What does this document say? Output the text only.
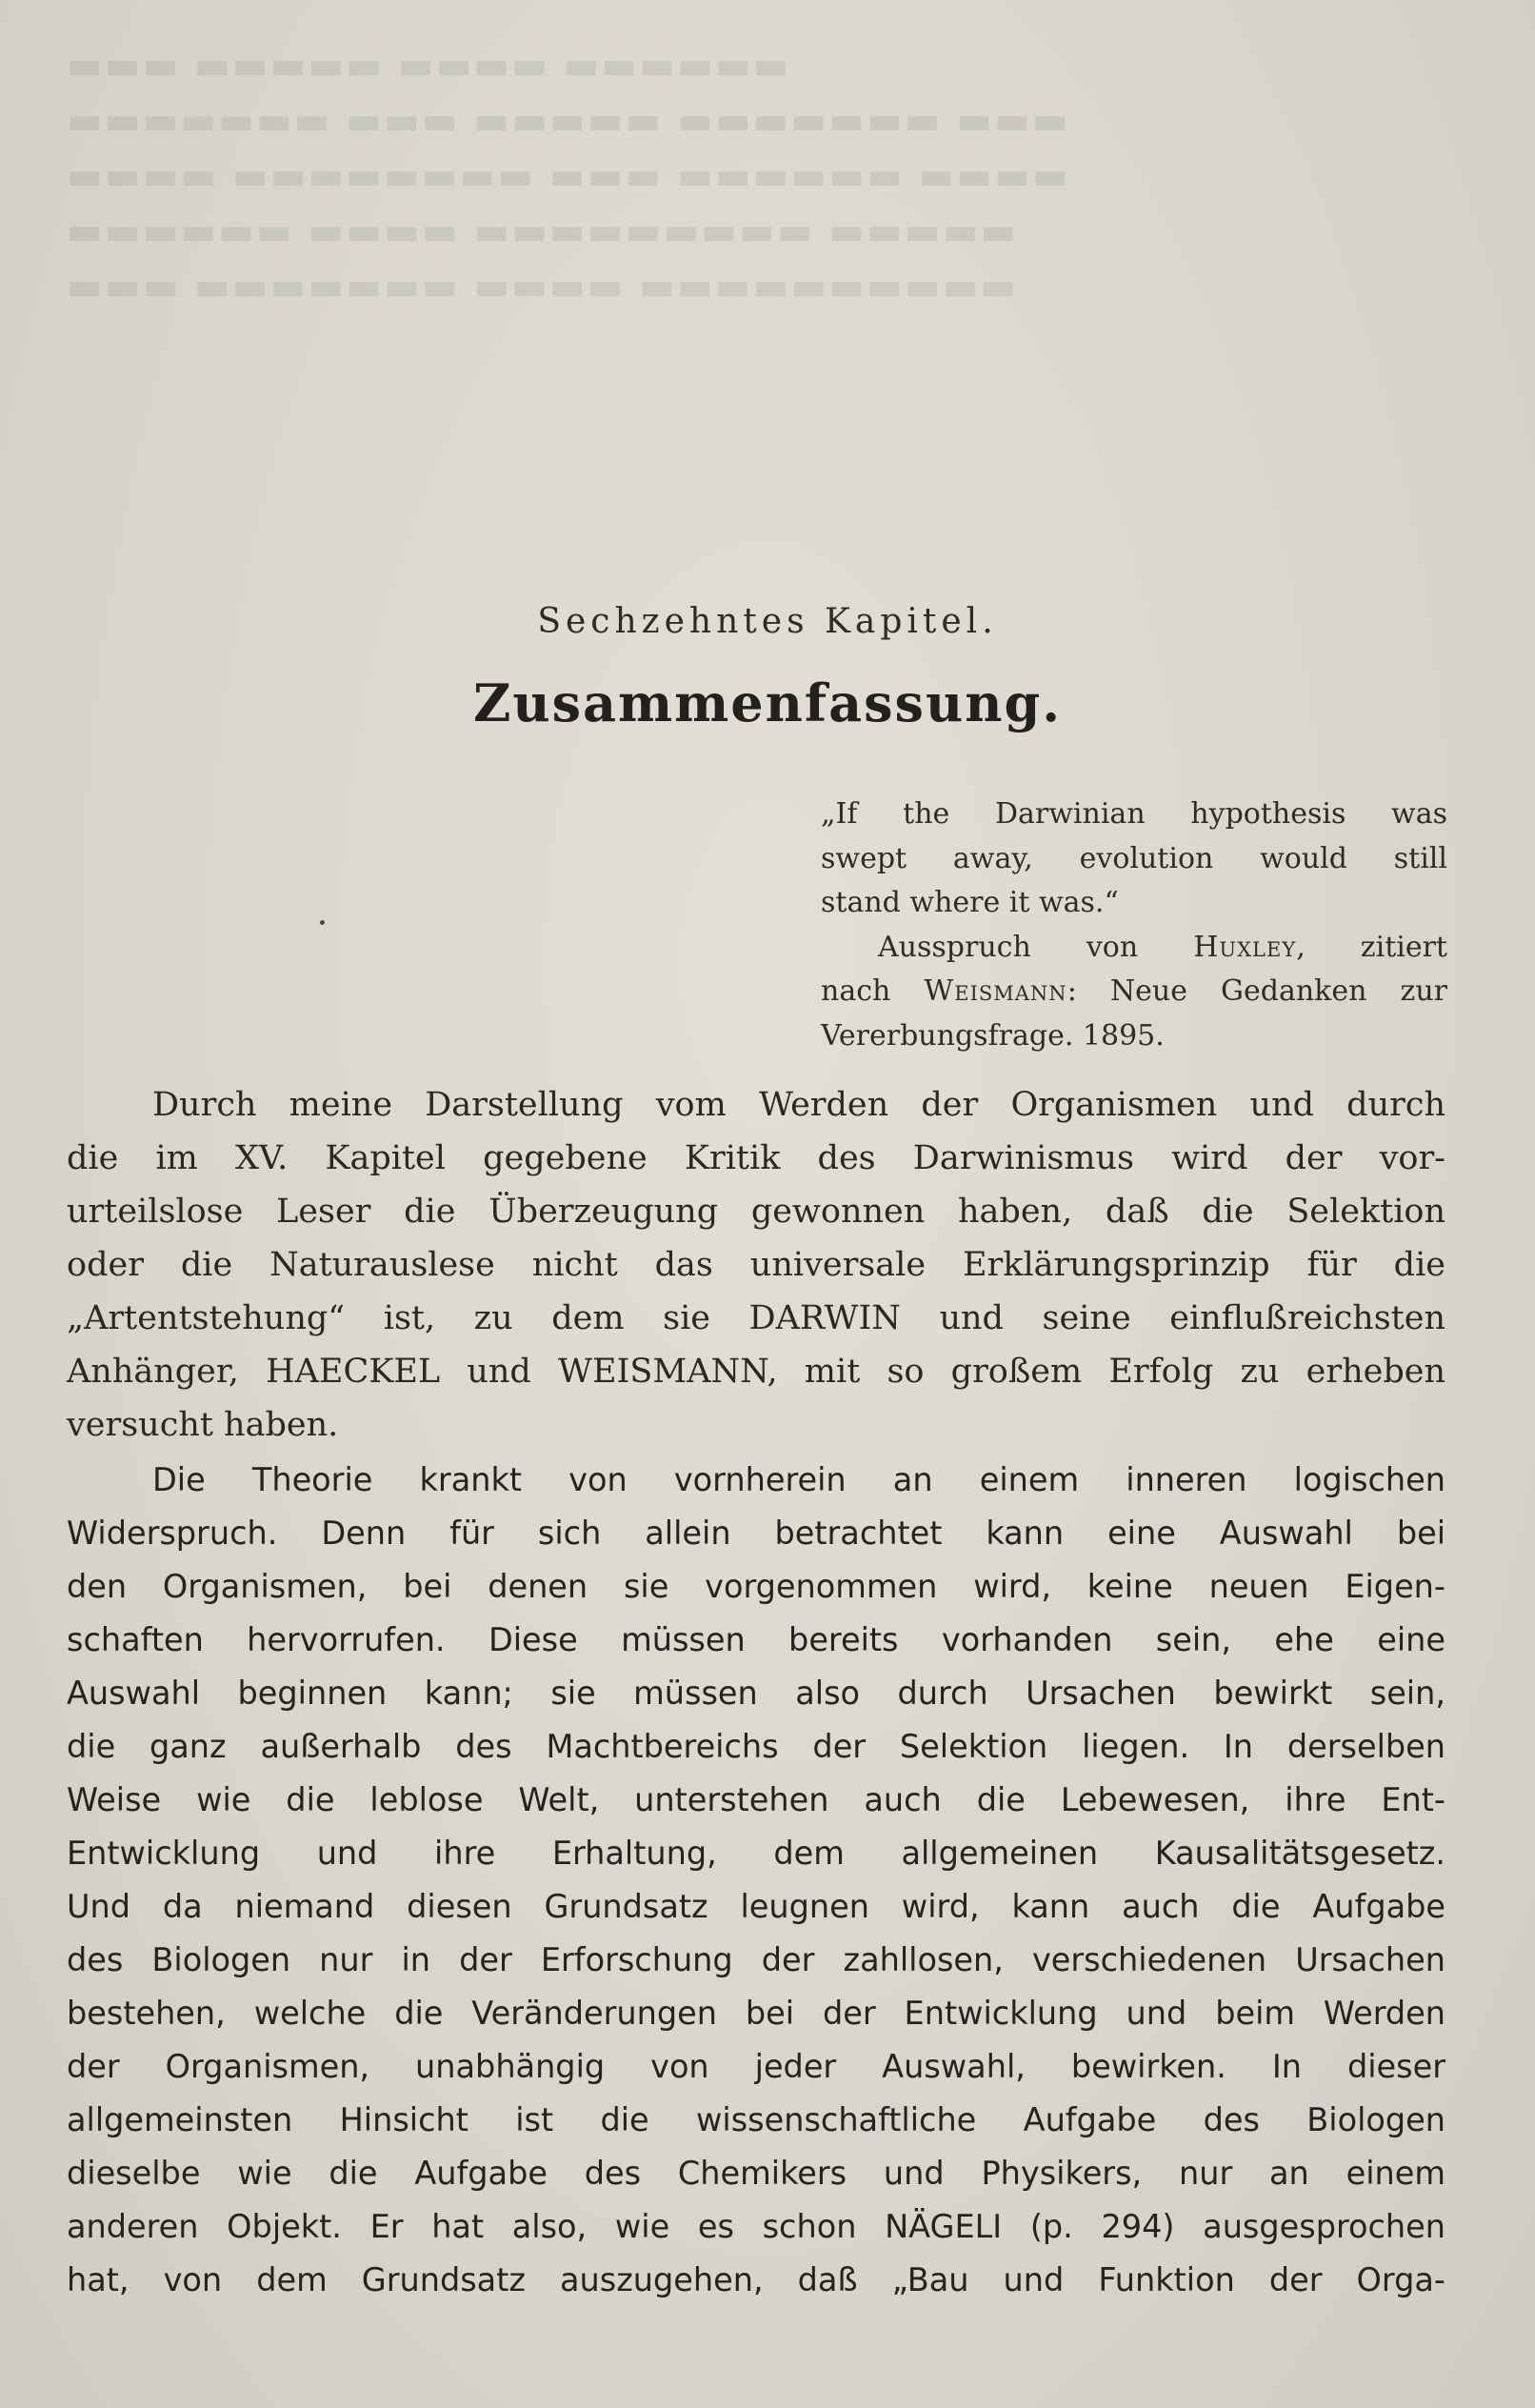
▬▬▬ ▬▬▬▬▬ ▬▬▬▬ ▬▬▬▬▬▬
▬▬▬▬▬▬▬ ▬▬▬ ▬▬▬▬▬ ▬▬▬▬▬▬▬ ▬▬▬
▬▬▬▬ ▬▬▬▬▬▬▬▬ ▬▬▬ ▬▬▬▬▬▬ ▬▬▬▬
▬▬▬▬▬▬ ▬▬▬▬ ▬▬▬▬▬▬▬▬▬ ▬▬▬▬▬
▬▬▬ ▬▬▬▬▬▬▬ ▬▬▬▬ ▬▬▬▬▬▬▬▬▬▬
Sechzehntes Kapitel.
Zusammenfassung.
„If the Darwinian hypothesis was
swept away, evolution would still
stand where it was.“
Ausspruch von Huxley, zitiert
nach Weismann: Neue Gedanken zur
Vererbungsfrage. 1895.
Durch meine Darstellung vom Werden der Organismen und durch
die im XV. Kapitel gegebene Kritik des Darwinismus wird der vor-
urteilslose Leser die Überzeugung gewonnen haben, daß die Selektion
oder die Naturauslese nicht das universale Erklärungsprinzip für die
„Artentstehung“ ist, zu dem sie DARWIN und seine einflußreichsten
Anhänger, HAECKEL und WEISMANN, mit so großem Erfolg zu erheben
versucht haben.
Die Theorie krankt von vornherein an einem inneren logischen
Widerspruch. Denn für sich allein betrachtet kann eine Auswahl bei
den Organismen, bei denen sie vorgenommen wird, keine neuen Eigen-
schaften hervorrufen. Diese müssen bereits vorhanden sein, ehe eine
Auswahl beginnen kann; sie müssen also durch Ursachen bewirkt sein,
die ganz außerhalb des Machtbereichs der Selektion liegen. In derselben
Weise wie die leblose Welt, unterstehen auch die Lebewesen, ihre Ent-
Entwicklung und ihre Erhaltung, dem allgemeinen Kausalitätsgesetz.
Und da niemand diesen Grundsatz leugnen wird, kann auch die Aufgabe
des Biologen nur in der Erforschung der zahllosen, verschiedenen Ursachen
bestehen, welche die Veränderungen bei der Entwicklung und beim Werden
der Organismen, unabhängig von jeder Auswahl, bewirken. In dieser
allgemeinsten Hinsicht ist die wissenschaftliche Aufgabe des Biologen
dieselbe wie die Aufgabe des Chemikers und Physikers, nur an einem
anderen Objekt. Er hat also, wie es schon NÄGELI (p. 294) ausgesprochen
hat, von dem Grundsatz auszugehen, daß „Bau und Funktion der Orga-
